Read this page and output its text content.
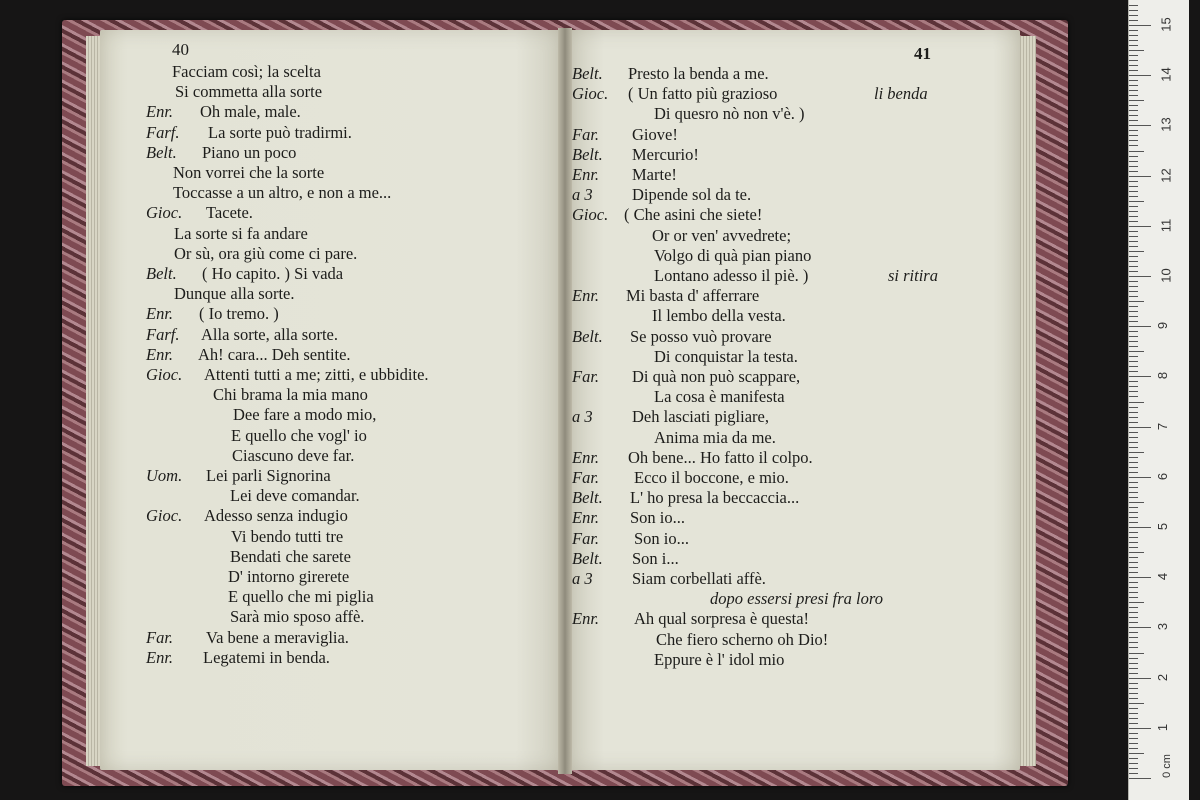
40
Facciam così; la scelta
Si commetta alla sorte
Enr. Oh male, male.
Farf. La sorte può tradirmi.
Belt. Piano un poco
Non vorrei che la sorte
Toccasse a un altro, e non a me...
Gioc. Tacete.
La sorte si fa andare
Or sù, ora giù come ci pare.
Belt. ( Ho capito. ) Si vada
Dunque alla sorte.
Enr. ( Io tremo. )
Farf. Alla sorte, alla sorte.
Enr. Ah! cara... Deh sentite.
Gioc. Attenti tutti a me; zitti, e ubbidite.
Chi brama la mia mano
Dee fare a modo mio,
E quello che vogl' io
Ciascuno deve far.
Uom. Lei parli Signorina
Lei deve comandar.
Gioc. Adesso senza indugio
Vi bendo tutti tre
Bendati che sarete
D' intorno girerete
E quello che mi piglia
Sarà mio sposo affè.
Far. Va bene a meraviglia.
Enr. Legatemi in benda.
41
Belt. Presto la benda a me.
Gioc. ( Un fatto più grazioso	li benda
Di quesro nò non v'è. )
Far. Giove!
Belt. Mercurio!
Enr. Marte!
a 3 Dipende sol da te.
Gioc. ( Che asini che siete!
Or or ven' avvedrete;
Volgo di quà pian piano
Lontano adesso il piè. )	si ritira
Enr. Mi basta d' afferrare
Il lembo della vesta.
Belt. Se posso vuò provare
Di conquistar la testa.
Far. Di quà non può scappare,
La cosa è manifesta
a 3 Deh lasciati pigliare,
Anima mia da me.
Enr. Oh bene... Ho fatto il colpo.
Far. Ecco il boccone, e mio.
Belt. L' ho presa la beccaccia...
Enr. Son io...
Far. Son io...
Belt. Son i...
a 3 Siam corbellati affè.
dopo essersi presi fra loro
Enr. Ah qual sorpresa è questa!
Che fiero scherno oh Dio!
Eppure è l' idol mio
0 cm
1
2
3
4
5
6
7
8
9
10
11
12
13
14
15
